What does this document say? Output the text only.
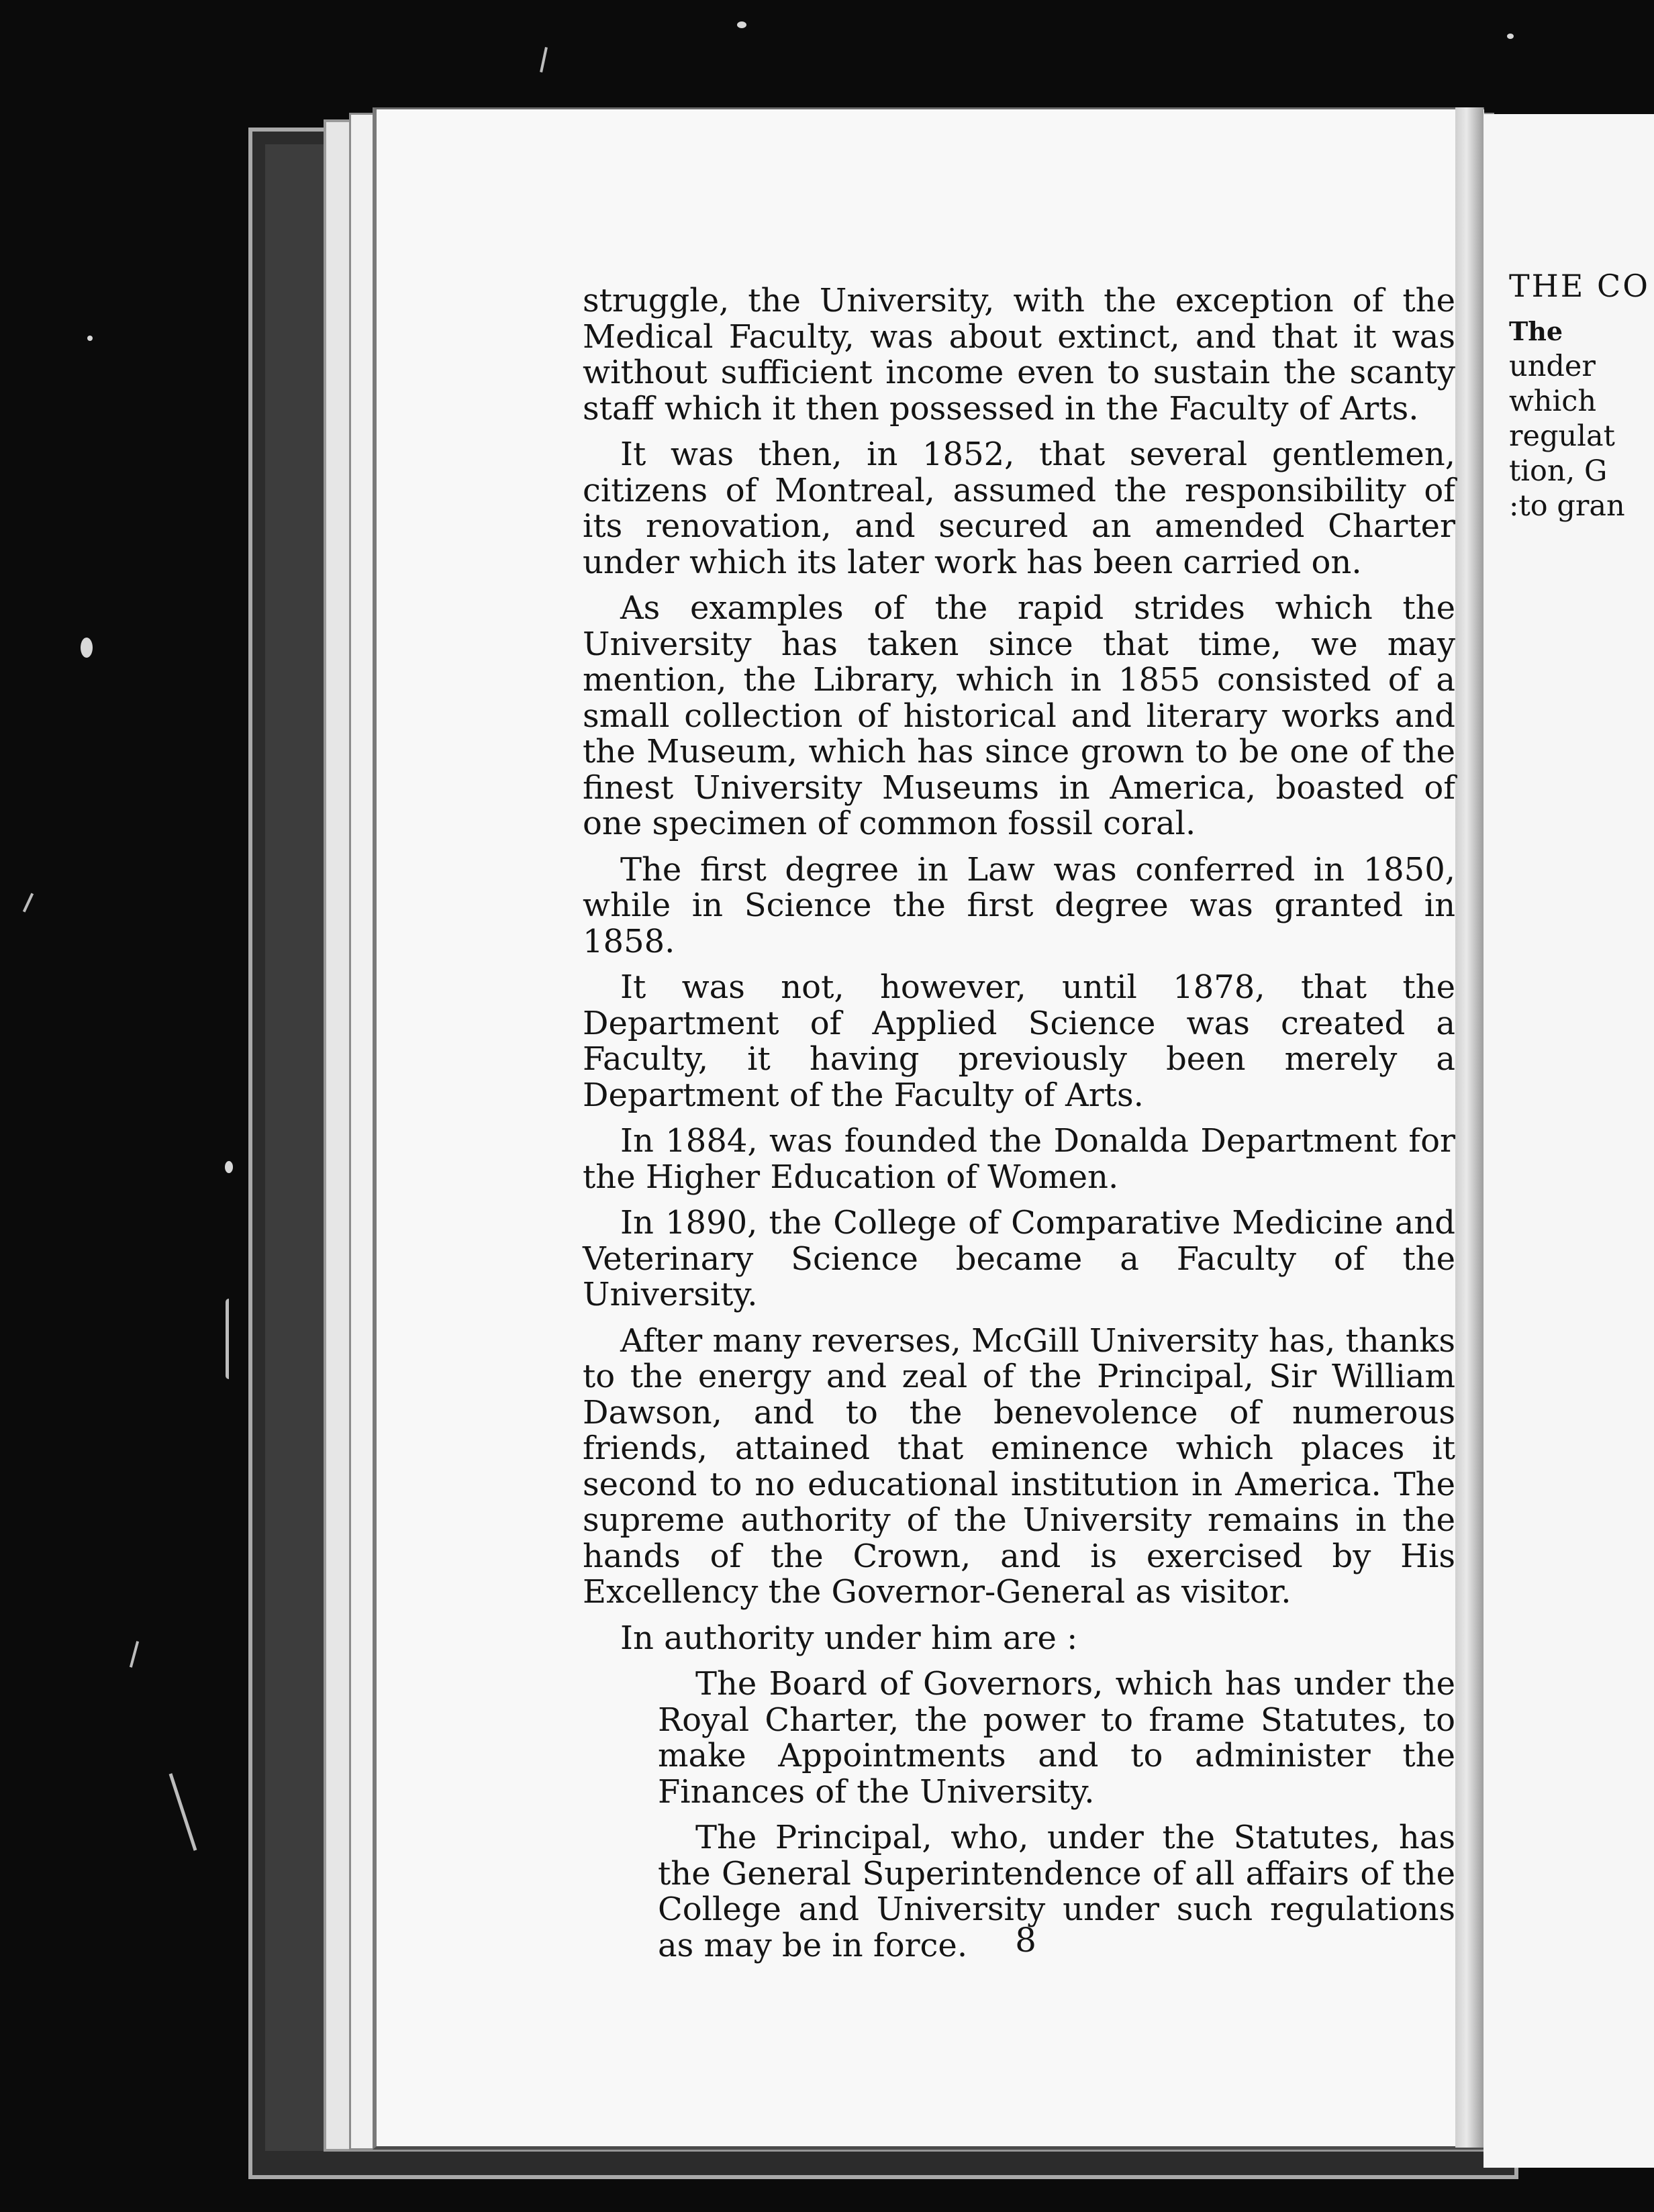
struggle, the University, with the exception of the Medical Faculty, was about extinct, and that it was without sufficient income even to sustain the scanty staff which it then possessed in the Faculty of Arts.

It was then, in 1852, that several gentlemen, citizens of Montreal, assumed the responsibility of its renovation, and secured an amended Charter under which its later work has been carried on.

As examples of the rapid strides which the University has taken since that time, we may mention, the Library, which in 1855 consisted of a small collection of historical and literary works and the Museum, which has since grown to be one of the finest University Museums in America, boasted of one specimen of common fossil coral.

The first degree in Law was conferred in 1850, while in Science the first degree was granted in 1858.

It was not, however, until 1878, that the Department of Applied Science was created a Faculty, it having previously been merely a Department of the Faculty of Arts.

In 1884, was founded the Donalda Department for the Higher Education of Women.

In 1890, the College of Comparative Medicine and Veterinary Science became a Faculty of the University.

After many reverses, McGill University has, thanks to the energy and zeal of the Principal, Sir William Dawson, and to the benevolence of numerous friends, attained that eminence which places it second to no educational institution in America. The supreme authority of the University remains in the hands of the Crown, and is exercised by His Excellency the Governor-General as visitor.

In authority under him are :

The Board of Governors, which has under the Royal Charter, the power to frame Statutes, to make Appointments and to administer the Finances of the University.

The Principal, who, under the Statutes, has the General Superintendence of all affairs of the College and University under such regulations as may be in force.	8
THE CO
The
under
which
regulat
tion, G
:to gran
